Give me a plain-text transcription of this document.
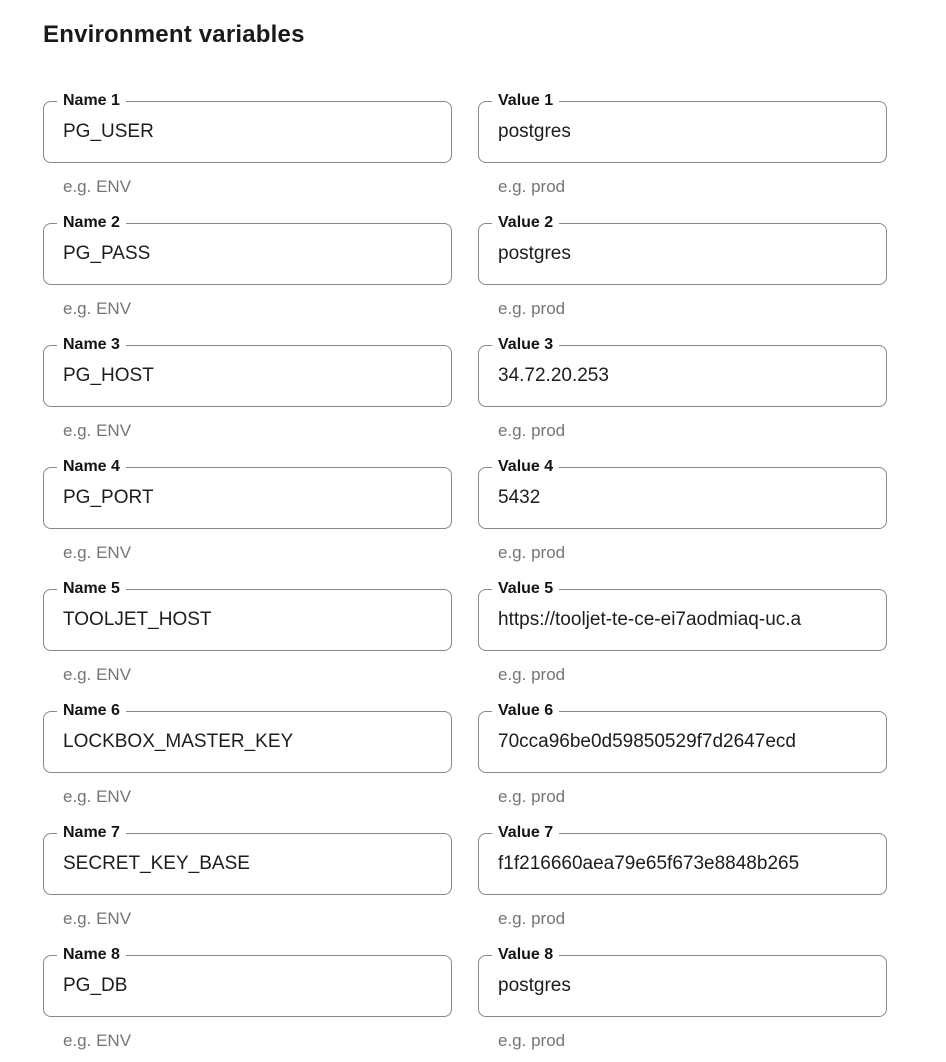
Environment variables
Name 1
PG_USER
e.g. ENV
Value 1
postgres
e.g. prod
Name 2
PG_PASS
e.g. ENV
Value 2
postgres
e.g. prod
Name 3
PG_HOST
e.g. ENV
Value 3
34.72.20.253
e.g. prod
Name 4
PG_PORT
e.g. ENV
Value 4
5432
e.g. prod
Name 5
TOOLJET_HOST
e.g. ENV
Value 5
https://tooljet-te-ce-ei7aodmiaq-uc.a
e.g. prod
Name 6
LOCKBOX_MASTER_KEY
e.g. ENV
Value 6
70cca96be0d59850529f7d2647ecd
e.g. prod
Name 7
SECRET_KEY_BASE
e.g. ENV
Value 7
f1f216660aea79e65f673e8848b265
e.g. prod
Name 8
PG_DB
e.g. ENV
Value 8
postgres
e.g. prod
